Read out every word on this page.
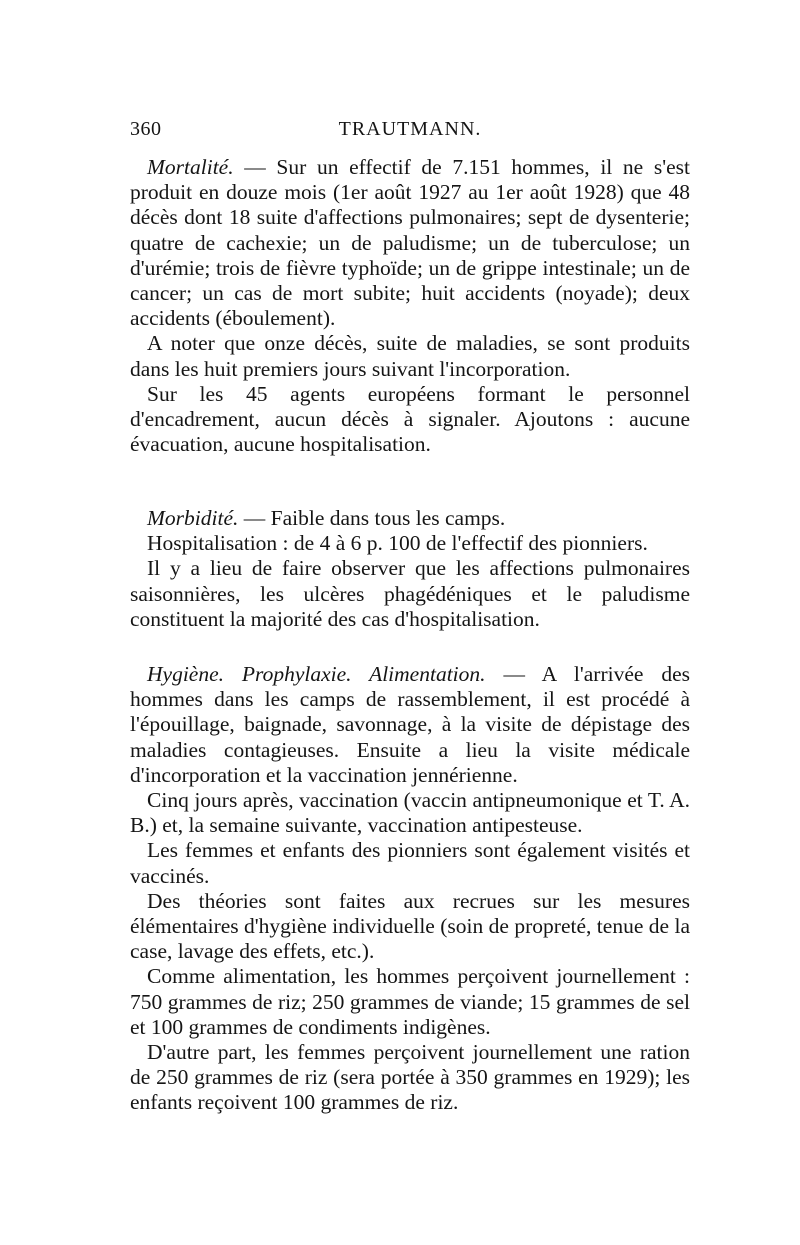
360	TRAUTMANN.

Mortalité. — Sur un effectif de 7.151 hommes, il ne s'est produit en douze mois (1er août 1927 au 1er août 1928) que 48 décès dont 18 suite d'affections pulmonaires; sept de dysenterie; quatre de cachexie; un de paludisme; un de tuberculose; un d'urémie; trois de fièvre typhoïde; un de grippe intestinale; un de cancer; un cas de mort subite; huit accidents (noyade); deux accidents (éboulement).

A noter que onze décès, suite de maladies, se sont produits dans les huit premiers jours suivant l'incorporation.

Sur les 45 agents européens formant le personnel d'encadrement, aucun décès à signaler. Ajoutons : aucune évacuation, aucune hospitalisation.

Morbidité. — Faible dans tous les camps.

Hospitalisation : de 4 à 6 p. 100 de l'effectif des pionniers.

Il y a lieu de faire observer que les affections pulmonaires saisonnières, les ulcères phagédéniques et le paludisme constituent la majorité des cas d'hospitalisation.

Hygiène. Prophylaxie. Alimentation. — A l'arrivée des hommes dans les camps de rassemblement, il est procédé à l'épouillage, baignade, savonnage, à la visite de dépistage des maladies contagieuses. Ensuite a lieu la visite médicale d'incorporation et la vaccination jennérienne.

Cinq jours après, vaccination (vaccin antipneumonique et T. A. B.) et, la semaine suivante, vaccination antipesteuse.

Les femmes et enfants des pionniers sont également visités et vaccinés.

Des théories sont faites aux recrues sur les mesures élémentaires d'hygiène individuelle (soin de propreté, tenue de la case, lavage des effets, etc.).

Comme alimentation, les hommes perçoivent journellement : 750 grammes de riz; 250 grammes de viande; 15 grammes de sel et 100 grammes de condiments indigènes.

D'autre part, les femmes perçoivent journellement une ration de 250 grammes de riz (sera portée à 350 grammes en 1929); les enfants reçoivent 100 grammes de riz.
